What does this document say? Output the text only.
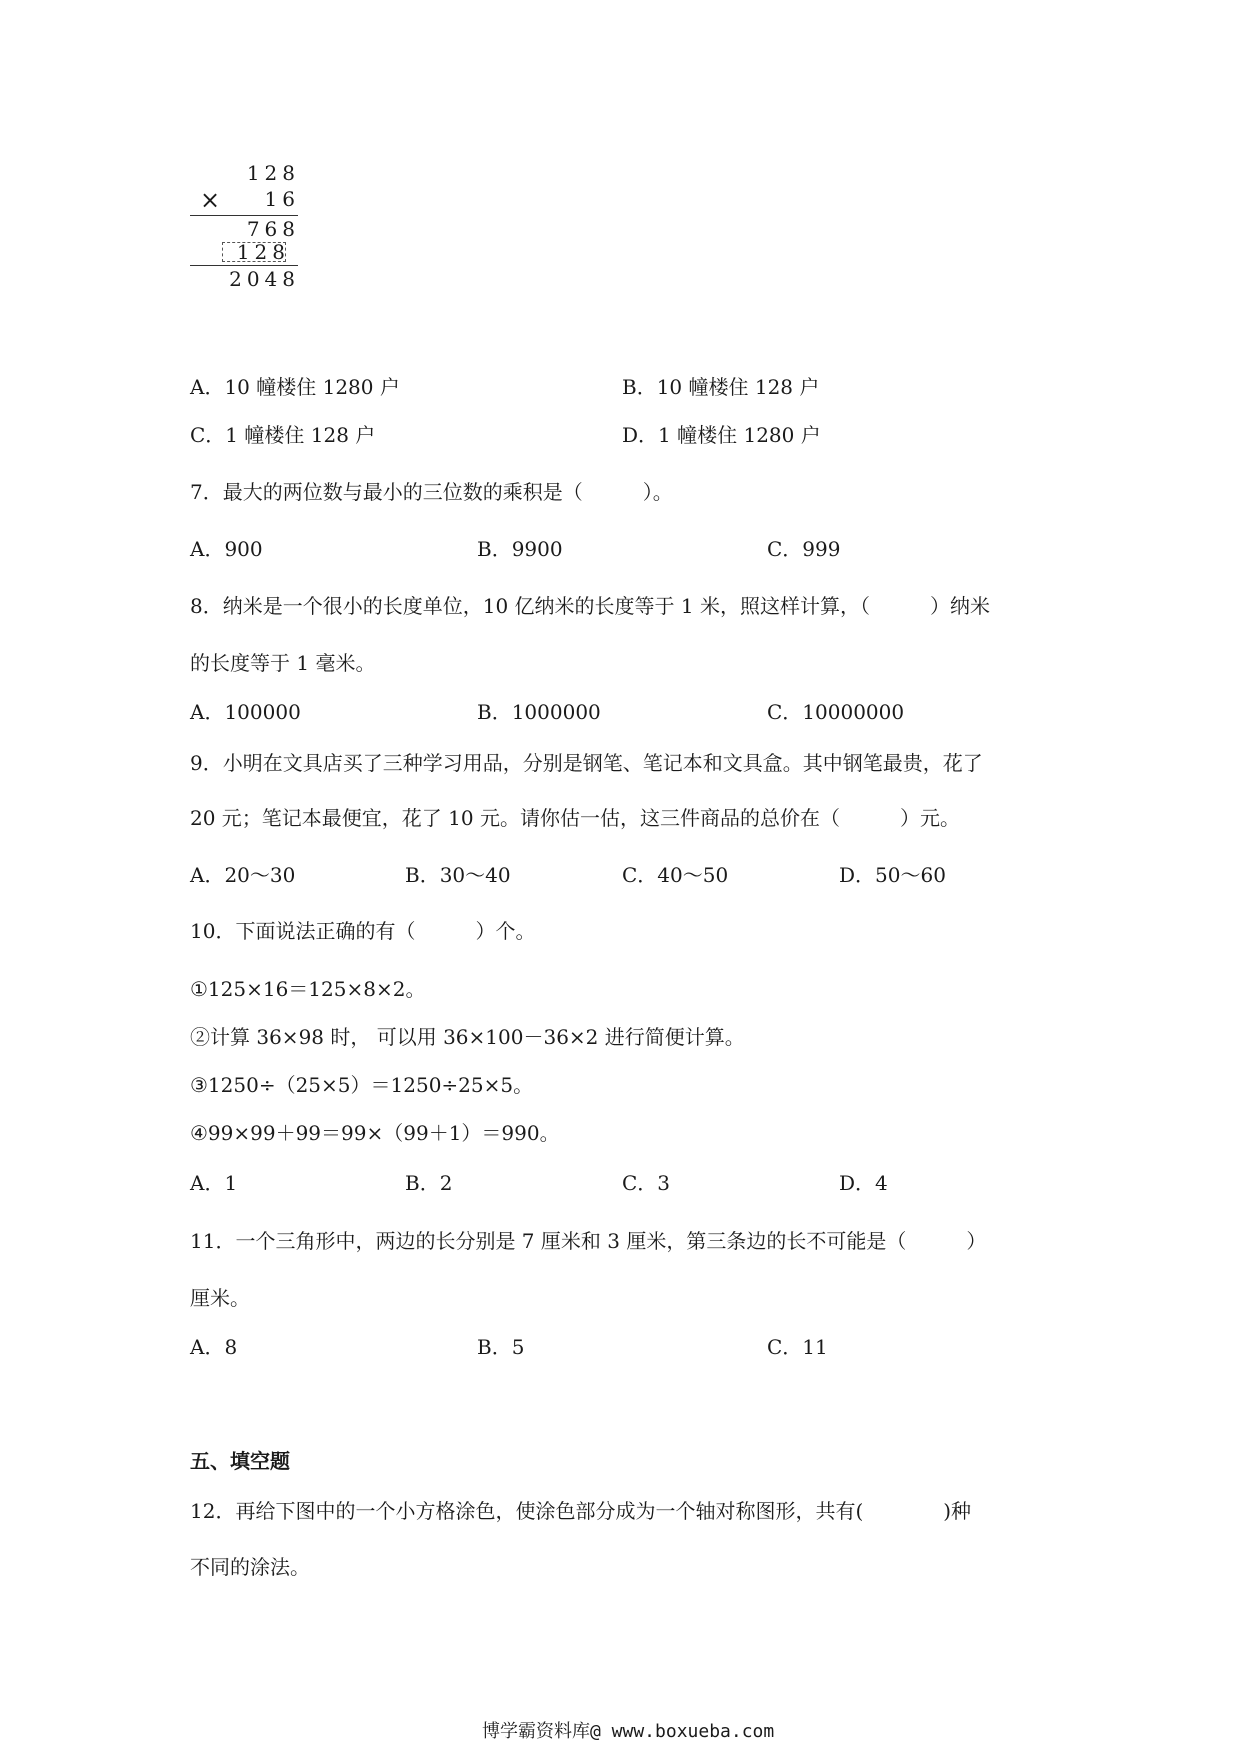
128
× 16
768
128
2048
A．10 幢楼住 1280 户	B．10 幢楼住 128 户
C．1 幢楼住 128 户	D．1 幢楼住 1280 户
7．最大的两位数与最小的三位数的乘积是（　　　）。
A．900	B．9900	C．999
8．纳米是一个很小的长度单位，10 亿纳米的长度等于 1 米，照这样计算，（　　　）纳米
的长度等于 1 毫米。
A．100000	B．1000000	C．10000000
9．小明在文具店买了三种学习用品，分别是钢笔、笔记本和文具盒。其中钢笔最贵，花了
20 元；笔记本最便宜，花了 10 元。请你估一估，这三件商品的总价在（　　　）元。
A．20～30	B．30～40	C．40～50	D．50～60
10．下面说法正确的有（　　　）个。
①125×16＝125×8×2。
②计算 36×98 时， 可以用 36×100－36×2 进行简便计算。
③1250÷（25×5）＝1250÷25×5。
④99×99＋99＝99×（99＋1）＝990。
A．1	B．2	C．3	D．4
11．一个三角形中，两边的长分别是 7 厘米和 3 厘米，第三条边的长不可能是（　　　）
厘米。
A．8	B．5	C．11
五、填空题
12．再给下图中的一个小方格涂色，使涂色部分成为一个轴对称图形，共有(　　　　)种
不同的涂法。
博学霸资料库@ www.boxueba.com
